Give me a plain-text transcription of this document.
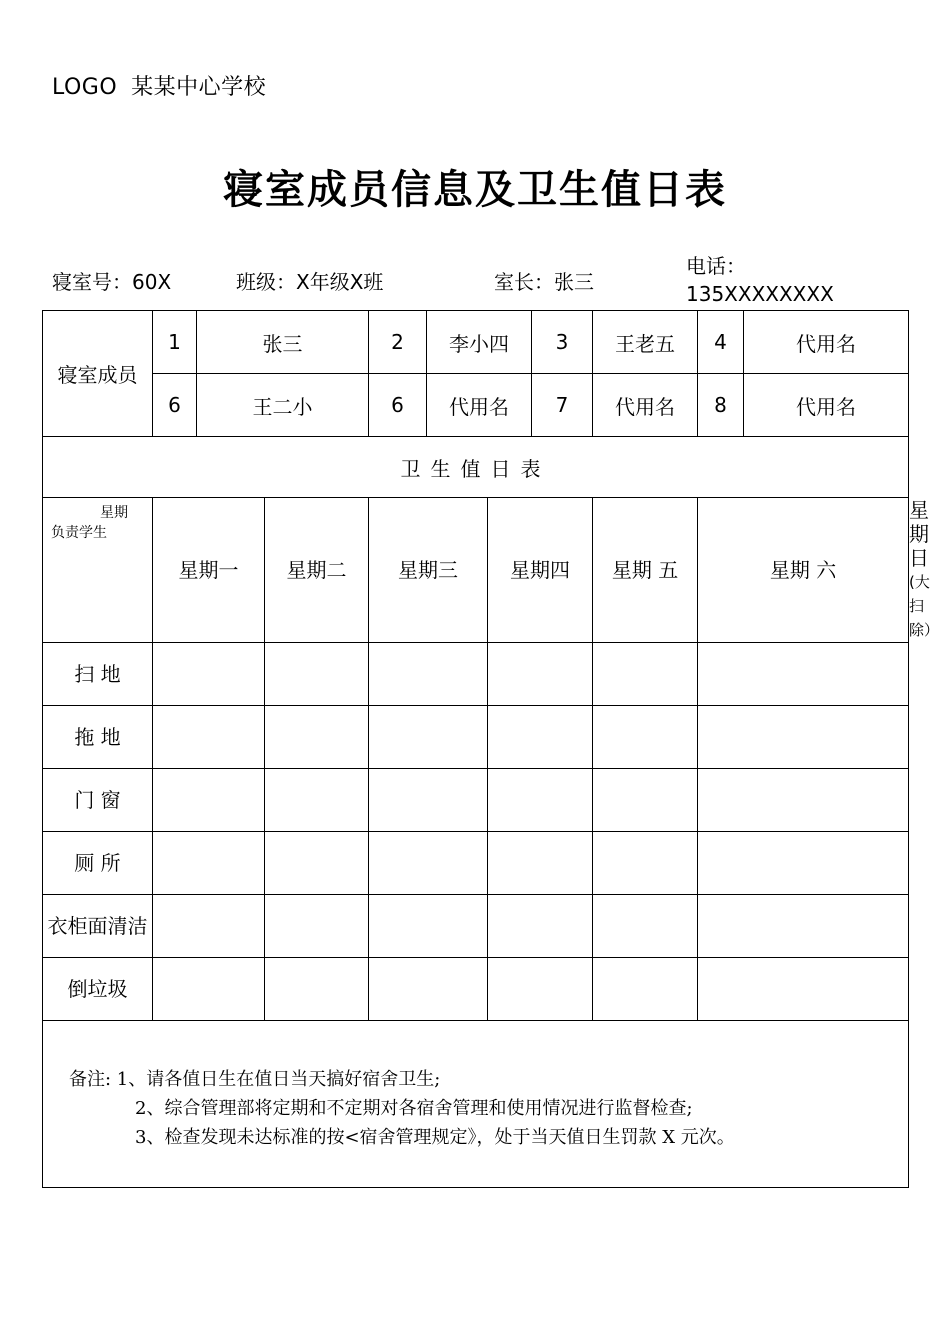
LOGO 某某中心学校
寝室成员信息及卫生值日表
寝室号：60X	班级：X年级X班	室长：张三
电话：
135XXXXXXXX
寝室成员	1	张三		2	李小四		3	王老五	4	代用名	
	6	王二小		6	代用名		7	代用名	8	代用名	
卫生值日表											

星期
负责学生	星期一		星期二	星期三		星期四		星期 五	星期 六		星期日
(大扫除）

扫 地											
拖 地											
门 窗											
厕 所											
衣柜面清洁											
倒垃圾											

备注: 1、请各值日生在值日当天搞好宿舍卫生;
2、综合管理部将定期和不定期对各宿舍管理和使用情况进行监督检查;
3、检查发现未达标准的按<宿舍管理规定》，处于当天值日生罚款 X 元次。											
